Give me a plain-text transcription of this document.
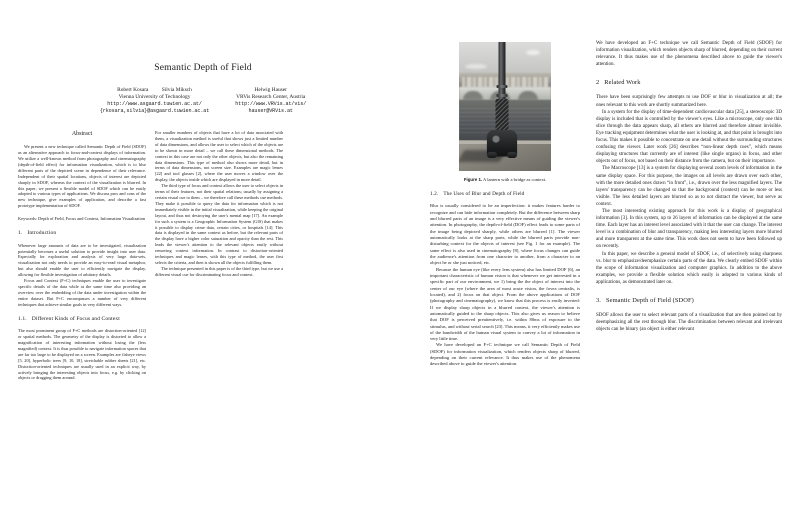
Semantic Depth of Field
Robert Kosara Silvia Miksch
Vienna University of Technology
http://www.asgaard.tuwien.ac.at/
{rkosara,silvia}@asgaard.tuwien.ac.at
Helwig Hauser
VRVis Research Center, Austria
http://www.VRVis.at/vis/
hauser@VRVis.at
Abstract

We present a new technique called Semantic Depth of Field (SDOF) as an alternative approach to focus-and-context displays of information. We utilize a well-known method from photography and cinematography (depth-of-field effect) for information visualization, which is to blur different parts of the depicted scene in dependence of their relevance. Independent of their spatial locations, objects of interest are depicted sharply in SDOF, whereas the context of the visualization is blurred. In this paper, we present a flexible model of SDOF which can be easily adopted to various types of applications. We discuss pros and cons of the new technique, give examples of application, and describe a fast prototype implementation of SDOF.

Keywords: Depth of Field, Focus and Context, Information Visualization
1. Introduction

Whenever large amounts of data are to be investigated, visualization potentially becomes a useful solution to provide insight into user data. Especially for exploration and analysis of very large data-sets, visualization not only needs to provide an easy-to-read visual metaphor, but also should enable the user to efficiently navigate the display, allowing for flexible investigation of arbitrary details.

Focus and Context (F+C) techniques enable the user to investigate specific details of the data while at the same time also providing an overview over the embedding of the data under investigation within the entire dataset. But F+C encompasses a number of very different techniques that achieve similar goals in very different ways.

1.1. Different Kinds of Focus and Context

The most prominent group of F+C methods are distortion-oriented [12] or spatial methods. The geometry of the display is distorted to allow a magnification of interesting information without losing the (less magnified) context. It is thus possible to navigate information spaces that are far too large to be displayed on a screen. Examples are fisheye views [5, 20], hyperbolic trees [9, 10, 18], stretchable rubber sheets [21], etc. Distortion-oriented techniques are usually used in an explicit way, by actively bringing the interesting objects into focus, e.g. by clicking on objects or dragging them around.

For smaller numbers of objects that have a lot of data associated with them, a visualization method is useful that shows just a limited number of data dimensions, and allows the user to select which of the objects are to be shown in more detail – we call these dimensional methods. The context in this case are not only the other objects, but also the remaining data dimensions. This type of method also shows more detail, but in terms of data dimensions, not screen size. Examples are magic lenses [22] and tool glasses [2], where the user moves a window over the display, the objects inside which are displayed in more detail.

The third type of focus and context allows the user to select objects in terms of their features, not their spatial relations; usually by assigning a certain visual cue to them – we therefore call these methods cue methods. They make it possible to query the data for information which is not immediately visible in the initial visualization, while keeping the original layout, and thus not destroying the user's mental map [17]. An example for such a system is a Geographic Information System (GIS) that makes it possible to display crime data, certain cities, or hospitals [14]. This data is displayed in the same context as before, but the relevant parts of the display have a higher color saturation and opacity than the rest. This leads the viewer's attention to the relevant objects easily without removing context information. In contrast to distortion-oriented techniques and magic lenses, with this type of method, the user first selects the criteria, and then is shown all the objects fulfilling them.

The technique presented in this paper is of the third type, but we use a different visual cue for discriminating focus and context.

Figure 1. A lantern with a bridge as context.
1.2. The Uses of Blur and Depth of Field

Blur is usually considered to be an imperfection: it makes features harder to recognize and can hide information completely. But the difference between sharp and blurred parts of an image is a very effective means of guiding the viewer's attention. In photography, the depth-of-field (DOF) effect leads to some parts of the image being depicted sharply, while others are blurred [1]. The viewer automatically looks at the sharp parts, while the blurred parts provide non-disturbing context for the objects of interest (see Fig. 1 for an example). The same effect is also used in cinematography [8], where focus changes can guide the audience's attention from one character to another, from a character to an object he or she just noticed, etc.

Because the human eye (like every lens system) also has limited DOF [6], an important characteristic of human vision is that whenever we get interested in a specific part of our environment, we 1) bring the the object of interest into the center of our eye (where the area of most acute vision, the fovea centralis, is located), and 2) focus on that object. From the above applications of DOF (photography and cinematography), we know that this process is easily inverted: If we display sharp objects in a blurred context, the viewer's attention is automatically guided to the sharp objects. This also gives us reason to believe that DOF is perceived preattentively, i.e. within 80ms of exposure to the stimulus, and without serial search [23]. This means, it very efficiently makes use of the bandwidth of the human visual system to convey a lot of information in very little time.

We have developed an F+C technique we call Semantic Depth of Field (SDOF) for information visualization, which renders objects sharp of blurred, depending on their current relevance. It thus makes use of the phenomena described above to guide the viewer's attention.

We have developed an F+C technique we call Semantic Depth of Field (SDOF) for information visualization, which renders objects sharp of blurred, depending on their current relevance. It thus makes use of the phenomena described above to guide the viewer's attention.

2 Related Work

There have been surprisingly few attempts to use DOF or blur in visualization at all; the ones relevant to this work are shortly summarized here.

In a system for the display of time-dependent cardiovascular data [25], a stereoscopic 3D display is included that is controlled by the viewer's eyes. Like a microscope, only one thin slice through the data appears sharp, all others are blurred and therefore almost invisible. Eye tracking equipment determines what the user is looking at, and that point is brought into focus. This makes it possible to concentrate on one detail without the surrounding structures confusing the viewer. Later work [26] describes “non-linear depth cues”, which means displaying structures that currently are of interest (like single organs) in focus, and other objects out of focus, not based on their distance from the camera, but on their importance.

The Macroscope [13] is a system for displaying several zoom levels of information in the same display space. For this purpose, the images on all levels are drawn over each other, with the more detailed ones drawn “in front”, i.e., drawn over the less magnified layers. The layers' transparency can be changed so that the background (context) can be more or less visible. The less detailed layers are blurred so as to not distract the viewer, but serve as context.

The most interesting existing approach for this work is a display of geographical information [3]. In this system, up to 26 layers of information can be displayed at the same time. Each layer has an interest level associated with it that the user can change. The interest level is a combination of blur and transparency, making less interesting layers more blurred and more transparent at the same time. This work does not seem to have been followed up on recently.

In this paper, we describe a general model of SDOF, i.e., of selectively using sharpness vs. blur to emphasize/deemphasize certain parts of the data. We clearly embed SDOF within the scope of information visualization and computer graphics. In addition to the above examples, we provide a flexible solution which easily is adopted to various kinds of applications, as demonstrated later on.

3. Semantic Depth of Field (SDOF)

SDOF allows the user to select relevant parts of a visualization that are then pointed out by deemphasizing all the rest through blur. The discrimination between relevant and irrelevant objects can be binary (an object is either relevant
